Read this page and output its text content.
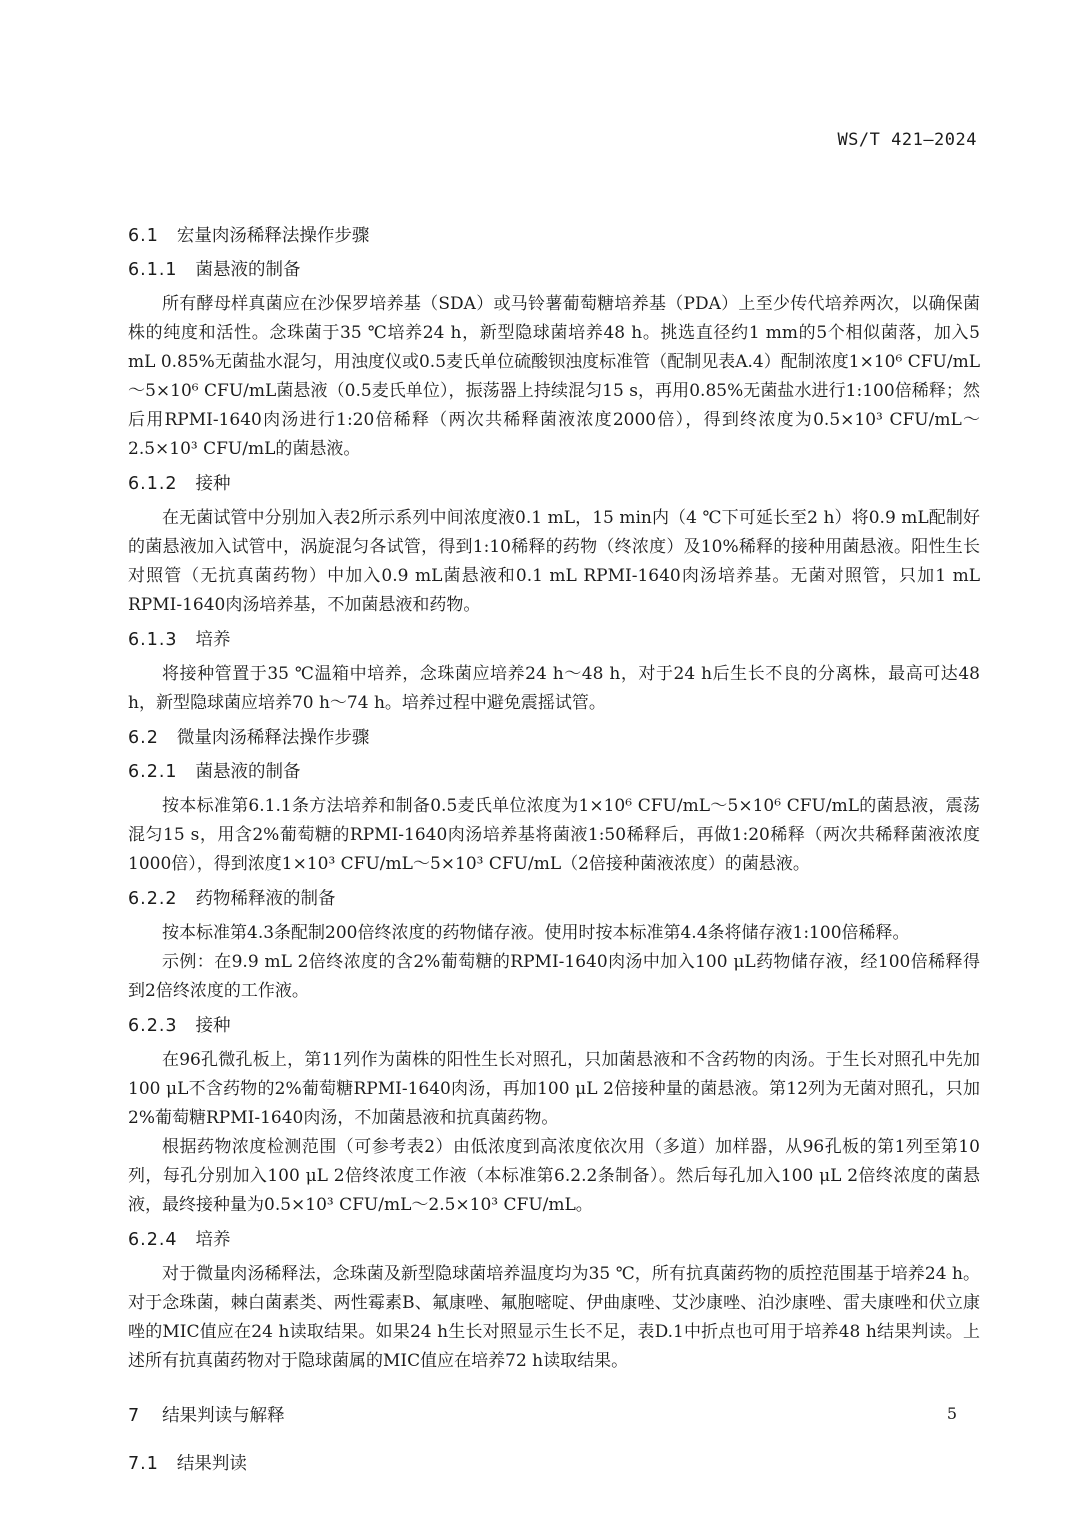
WS/T 421—2024
6.1 宏量肉汤稀释法操作步骤
6.1.1 菌悬液的制备

所有酵母样真菌应在沙保罗培养基（SDA）或马铃薯葡萄糖培养基（PDA）上至少传代培养两次，以确保菌株的纯度和活性。念珠菌于35 ℃培养24 h，新型隐球菌培养48 h。挑选直径约1 mm的5个相似菌落，加入5 mL 0.85%无菌盐水混匀，用浊度仪或0.5麦氏单位硫酸钡浊度标准管（配制见表A.4）配制浓度1×10⁶ CFU/mL～5×10⁶ CFU/mL菌悬液（0.5麦氏单位），振荡器上持续混匀15 s，再用0.85%无菌盐水进行1:100倍稀释；然后用RPMI-1640肉汤进行1:20倍稀释（两次共稀释菌液浓度2000倍），得到终浓度为0.5×10³ CFU/mL～2.5×10³ CFU/mL的菌悬液。

6.1.2 接种

在无菌试管中分别加入表2所示系列中间浓度液0.1 mL，15 min内（4 ℃下可延长至2 h）将0.9 mL配制好的菌悬液加入试管中，涡旋混匀各试管，得到1:10稀释的药物（终浓度）及10%稀释的接种用菌悬液。阳性生长对照管（无抗真菌药物）中加入0.9 mL菌悬液和0.1 mL RPMI-1640肉汤培养基。无菌对照管，只加1 mL RPMI-1640肉汤培养基，不加菌悬液和药物。

6.1.3 培养

将接种管置于35 ℃温箱中培养，念珠菌应培养24 h～48 h，对于24 h后生长不良的分离株，最高可达48 h，新型隐球菌应培养70 h～74 h。培养过程中避免震摇试管。

6.2 微量肉汤稀释法操作步骤
6.2.1 菌悬液的制备

按本标准第6.1.1条方法培养和制备0.5麦氏单位浓度为1×10⁶ CFU/mL～5×10⁶ CFU/mL的菌悬液，震荡混匀15 s，用含2%葡萄糖的RPMI-1640肉汤培养基将菌液1:50稀释后，再做1:20稀释（两次共稀释菌液浓度1000倍），得到浓度1×10³ CFU/mL～5×10³ CFU/mL（2倍接种菌液浓度）的菌悬液。

6.2.2 药物稀释液的制备

按本标准第4.3条配制200倍终浓度的药物储存液。使用时按本标准第4.4条将储存液1:100倍稀释。

示例：在9.9 mL 2倍终浓度的含2%葡萄糖的RPMI-1640肉汤中加入100 μL药物储存液，经100倍稀释得到2倍终浓度的工作液。

6.2.3 接种

在96孔微孔板上，第11列作为菌株的阳性生长对照孔，只加菌悬液和不含药物的肉汤。于生长对照孔中先加100 μL不含药物的2%葡萄糖RPMI-1640肉汤，再加100 μL 2倍接种量的菌悬液。第12列为无菌对照孔，只加2%葡萄糖RPMI-1640肉汤，不加菌悬液和抗真菌药物。

根据药物浓度检测范围（可参考表2）由低浓度到高浓度依次用（多道）加样器，从96孔板的第1列至第10列，每孔分别加入100 μL 2倍终浓度工作液（本标准第6.2.2条制备）。然后每孔加入100 μL 2倍终浓度的菌悬液，最终接种量为0.5×10³ CFU/mL～2.5×10³ CFU/mL。

6.2.4 培养

对于微量肉汤稀释法，念珠菌及新型隐球菌培养温度均为35 ℃，所有抗真菌药物的质控范围基于培养24 h。对于念珠菌，棘白菌素类、两性霉素B、氟康唑、氟胞嘧啶、伊曲康唑、艾沙康唑、泊沙康唑、雷夫康唑和伏立康唑的MIC值应在24 h读取结果。如果24 h生长对照显示生长不足，表D.1中折点也可用于培养48 h结果判读。上述所有抗真菌药物对于隐球菌属的MIC值应在培养72 h读取结果。

7 结果判读与解释
7.1 结果判读
5
